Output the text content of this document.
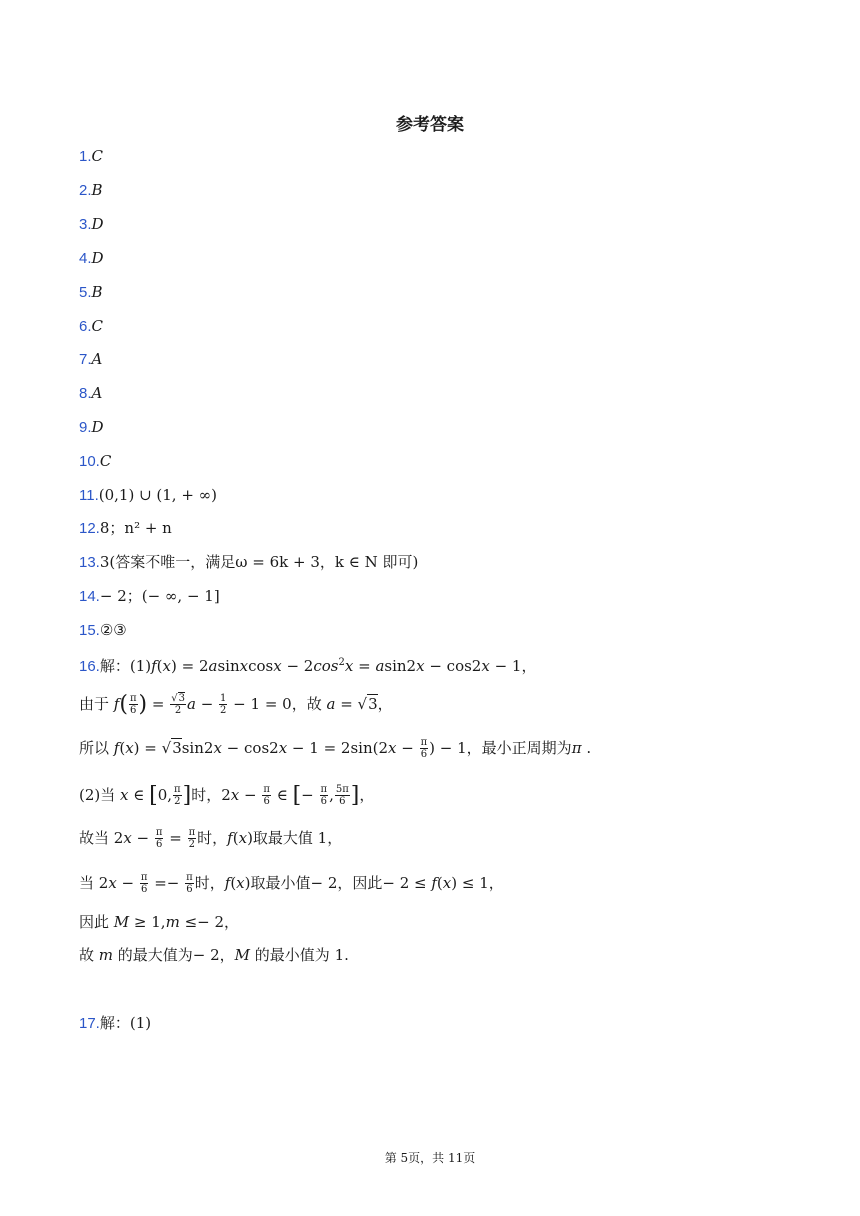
参考答案
1.C
2.B
3.D
4.D
5.B
6.C
7.A
8.A
9.D
10.C
11.(0,1) ∪ (1, + ∞)
12.8；n² + n
13.3(答案不唯一，满足ω = 6k + 3，k ∈ N 即可)
14.− 2；(− ∞, − 1]
15.②③
16.解：(1)f(x) = 2asinxcosx − $2\cos^2x = asin2x - \cos 2x - 1$，
由于 $f( \frac{\pi}{6}$ ) = $\frac{√3}{2}$ $a - \frac{1}{2} - 1 = 0$，故 a = √3，
所以 $f(x) = √3\sin 2x - \cos 2x - 1 = 2\sin(2x - \frac{\pi}{6}$ ) − 1，最小正周期为π .
(2)当 x ∈ [0, $\frac{\pi}{2}$ ]时，$2x - \frac{\pi}{6}$ ∈ [− $\frac{\pi}{6}$ , $\frac{5\pi}{6}$ ]，
故当 $2x - \frac{\pi}{6} = \frac{\pi}{2}$ 时，f(x)取最大值 1，
当 $2x - \frac{\pi}{6} =- \frac{\pi}{6}$ 时，f(x)取最小值− 2，因此− 2 ≤ f(x) ≤ 1，
因此 M ≥ 1,m ≤− 2，
故 m 的最大值为− 2，M 的最小值为 1.
17.解：(1)
第 5页，共 11页
